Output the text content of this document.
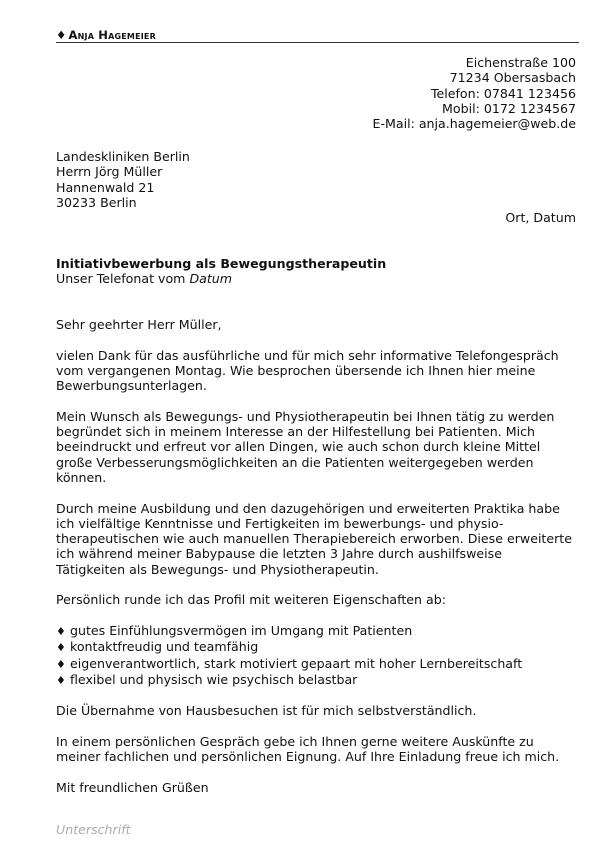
♦ Anja Hagemeier
Eichenstraße 100
71234 Obersasbach
Telefon: 07841 123456
Mobil: 0172 1234567
E-Mail: anja.hagemeier@web.de
Landeskliniken Berlin
Herrn Jörg Müller
Hannenwald 21
30233 Berlin
Ort, Datum
Initiativbewerbung als Bewegungstherapeutin
Unser Telefonat vom Datum

Sehr geehrter Herr Müller,

vielen Dank für das ausführliche und für mich sehr informative Telefongespräch
vom vergangenen Montag. Wie besprochen übersende ich Ihnen hier meine
Bewerbungsunterlagen.

Mein Wunsch als Bewegungs- und Physiotherapeutin bei Ihnen tätig zu werden
begründet sich in meinem Interesse an der Hilfestellung bei Patienten. Mich
beeindruckt und erfreut vor allen Dingen, wie auch schon durch kleine Mittel
große Verbesserungsmöglichkeiten an die Patienten weitergegeben werden
können.

Durch meine Ausbildung und den dazugehörigen und erweiterten Praktika habe
ich vielfältige Kenntnisse und Fertigkeiten im bewerbungs- und physio-
therapeutischen wie auch manuellen Therapiebereich erworben. Diese erweiterte
ich während meiner Babypause die letzten 3 Jahre durch aushilfsweise
Tätigkeiten als Bewegungs- und Physiotherapeutin.

Persönlich runde ich das Profil mit weiteren Eigenschaften ab:

♦ gutes Einfühlungsvermögen im Umgang mit Patienten
♦ kontaktfreudig und teamfähig
♦ eigenverantwortlich, stark motiviert gepaart mit hoher Lernbereitschaft
♦ flexibel und physisch wie psychisch belastbar

Die Übernahme von Hausbesuchen ist für mich selbstverständlich.

In einem persönlichen Gespräch gebe ich Ihnen gerne weitere Auskünfte zu
meiner fachlichen und persönlichen Eignung. Auf Ihre Einladung freue ich mich.

Mit freundlichen Grüßen

Unterschrift
